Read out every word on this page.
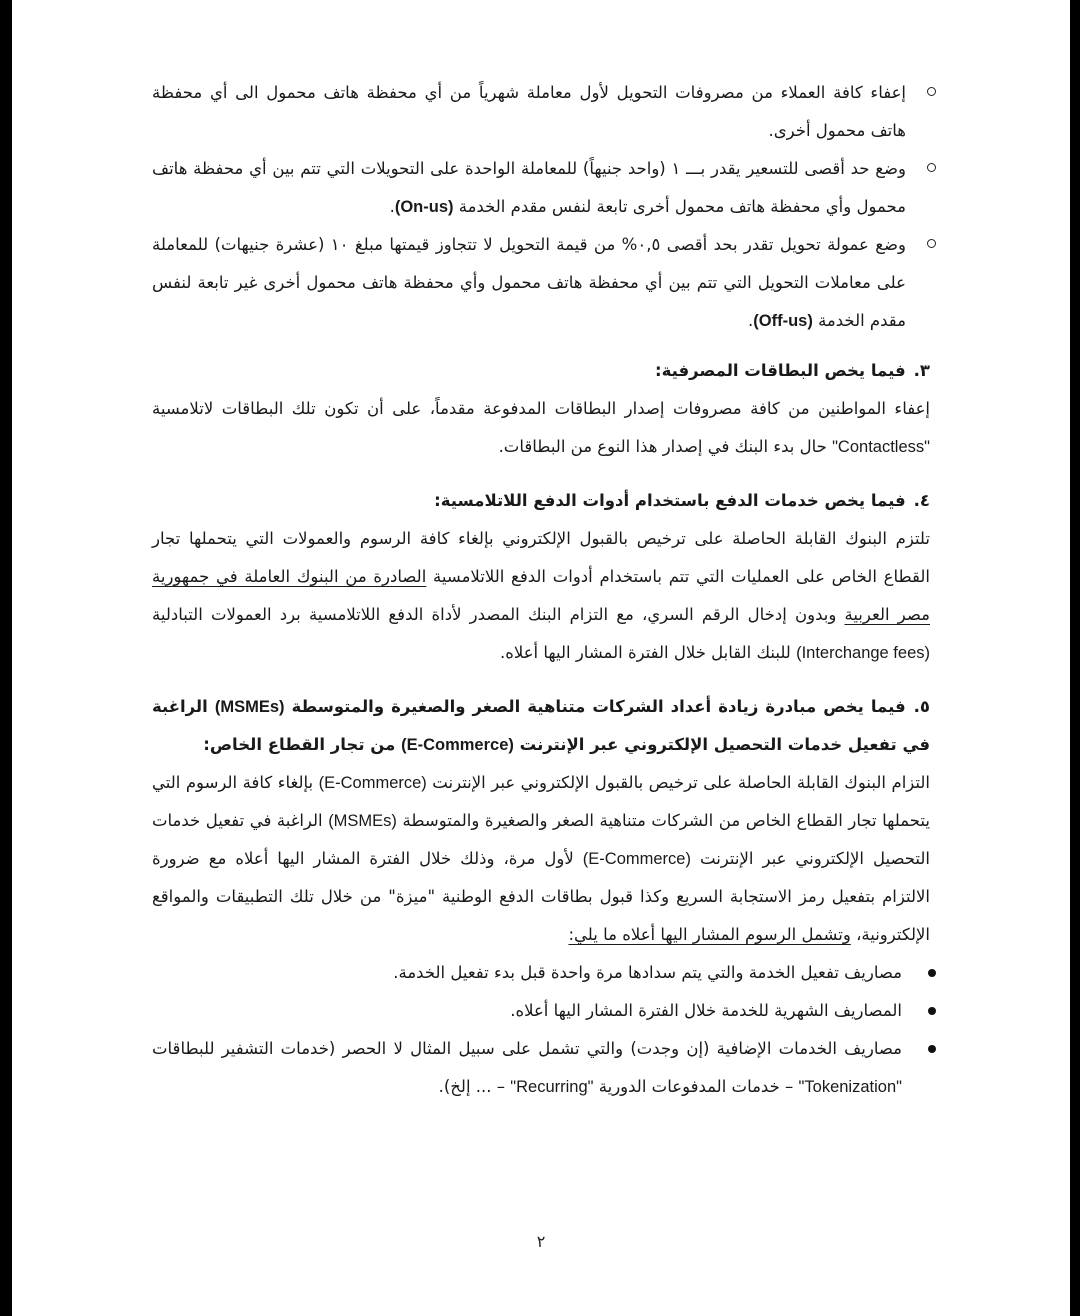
إعفاء كافة العملاء من مصروفات التحويل لأول معاملة شهرياً من أي محفظة هاتف محمول الى أي محفظة هاتف محمول أخرى.

وضع حد أقصى للتسعير يقدر بـــ ١ (واحد جنيهاً) للمعاملة الواحدة على التحويلات التي تتم بين أي محفظة هاتف محمول وأي محفظة هاتف محمول أخرى تابعة لنفس مقدم الخدمة (On-us).

وضع عمولة تحويل تقدر بحد أقصى ٠,٥% من قيمة التحويل لا تتجاوز قيمتها مبلغ ١٠ (عشرة جنيهات) للمعاملة على معاملات التحويل التي تتم بين أي محفظة هاتف محمول وأي محفظة هاتف محمول أخرى غير تابعة لنفس مقدم الخدمة (Off-us).

٣.فيما يخص البطاقات المصرفية:

إعفاء المواطنين من كافة مصروفات إصدار البطاقات المدفوعة مقدماً، على أن تكون تلك البطاقات لاتلامسية "Contactless" حال بدء البنك في إصدار هذا النوع من البطاقات.

٤.فيما يخص خدمات الدفع باستخدام أدوات الدفع اللاتلامسية:

تلتزم البنوك القابلة الحاصلة على ترخيص بالقبول الإلكتروني بإلغاء كافة الرسوم والعمولات التي يتحملها تجار القطاع الخاص على العمليات التي تتم باستخدام أدوات الدفع اللاتلامسية الصادرة من البنوك العاملة في جمهورية مصر العربية وبدون إدخال الرقم السري، مع التزام البنك المصدر لأداة الدفع اللاتلامسية برد العمولات التبادلية (Interchange fees) للبنك القابل خلال الفترة المشار اليها أعلاه.

٥.فيما يخص مبادرة زيادة أعداد الشركات متناهية الصغر والصغيرة والمتوسطة (MSMEs) الراغبة في تفعيل خدمات التحصيل الإلكتروني عبر الإنترنت (E-Commerce) من تجار القطاع الخاص:

التزام البنوك القابلة الحاصلة على ترخيص بالقبول الإلكتروني عبر الإنترنت (E-Commerce) بإلغاء كافة الرسوم التي يتحملها تجار القطاع الخاص من الشركات متناهية الصغر والصغيرة والمتوسطة (MSMEs) الراغبة في تفعيل خدمات التحصيل الإلكتروني عبر الإنترنت (E-Commerce) لأول مرة، وذلك خلال الفترة المشار اليها أعلاه مع ضرورة الالتزام بتفعيل رمز الاستجابة السريع وكذا قبول بطاقات الدفع الوطنية "ميزة" من خلال تلك التطبيقات والمواقع الإلكترونية، وتشمل الرسوم المشار اليها أعلاه ما يلي:

مصاريف تفعيل الخدمة والتي يتم سدادها مرة واحدة قبل بدء تفعيل الخدمة.

المصاريف الشهرية للخدمة خلال الفترة المشار اليها أعلاه.

مصاريف الخدمات الإضافية (إن وجدت) والتي تشمل على سبيل المثال لا الحصر (خدمات التشفير للبطاقات "Tokenization" – خدمات المدفوعات الدورية "Recurring" – ... إلخ).

٢
